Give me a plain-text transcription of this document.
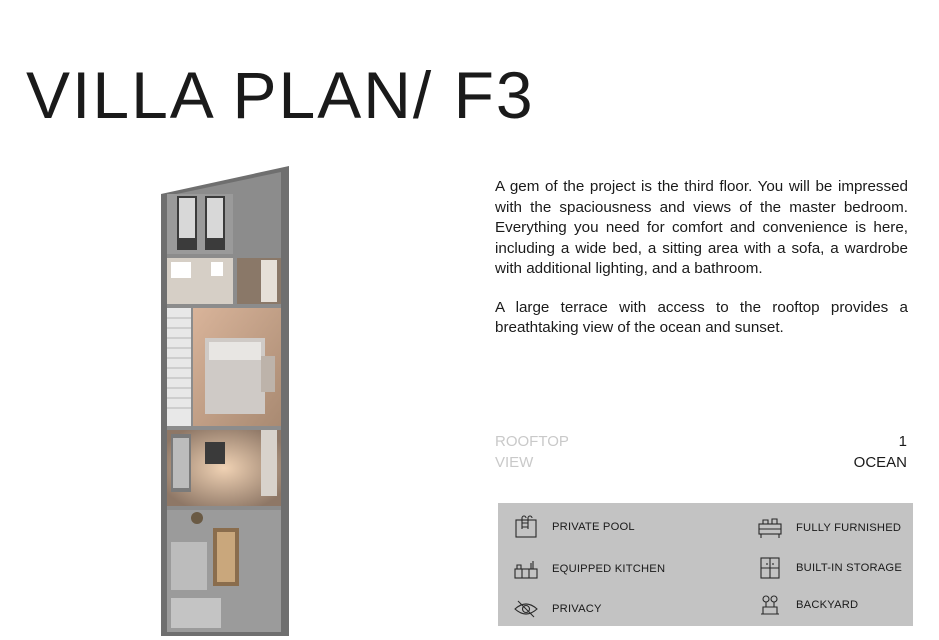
VILLA PLAN/ F3

A gem of the project is the third floor. You will be impressed with the spaciousness and views of the master bedroom. Everything you need for comfort and convenience is here, including a wide bed, a sitting area with a sofa, a wardrobe with additional lighting, and a bathroom.

A large terrace with access to the rooftop provides a breathtaking view of the ocean and sunset.

ROOFTOP	1
VIEW	OCEAN
PRIVATE POOL	FULLY FURNISHED
EQUIPPED KITCHEN	BUILT-IN STORAGE
PRIVACY	BACKYARD
